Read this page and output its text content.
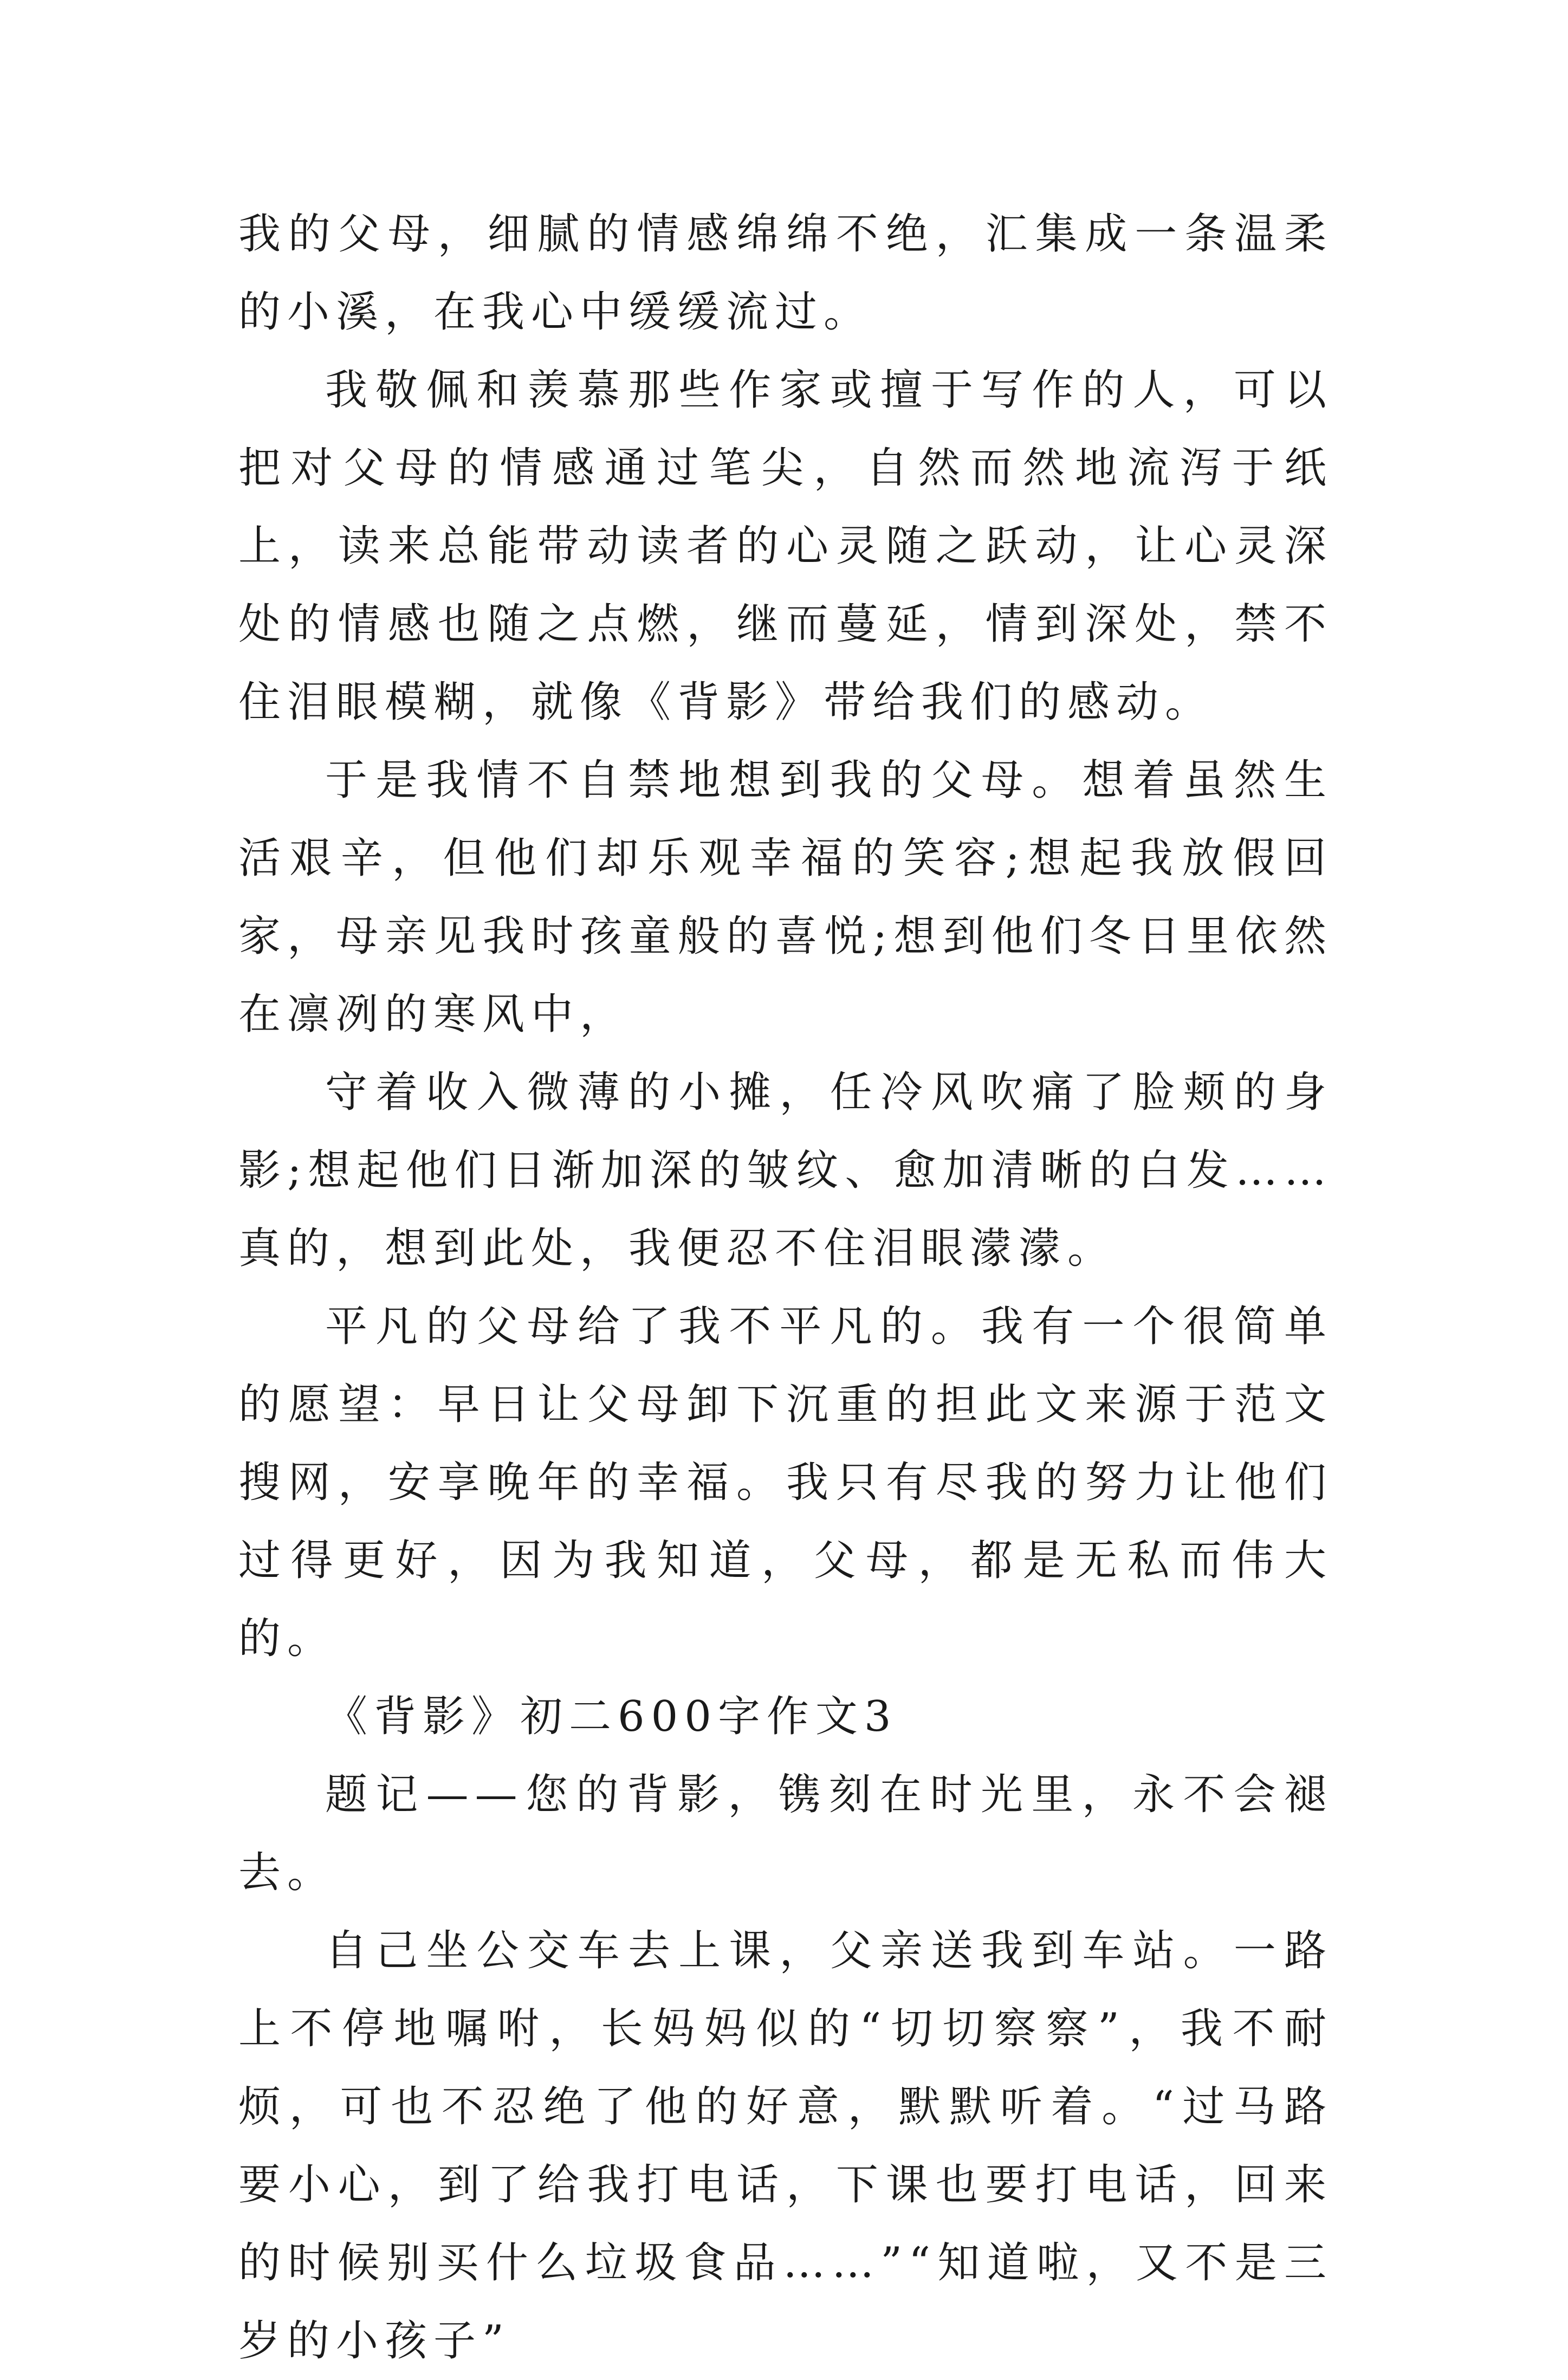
我的父母，细腻的情感绵绵不绝，汇集成一条温柔的小溪，在我心中缓缓流过。

我敬佩和羡慕那些作家或擅于写作的人，可以把对父母的情感通过笔尖，自然而然地流泻于纸上，读来总能带动读者的心灵随之跃动，让心灵深处的情感也随之点燃，继而蔓延，情到深处，禁不住泪眼模糊，就像《背影》带给我们的感动。

于是我情不自禁地想到我的父母。想着虽然生活艰辛，但他们却乐观幸福的笑容;想起我放假回家，母亲见我时孩童般的喜悦;想到他们冬日里依然在凛冽的寒风中，

守着收入微薄的小摊，任冷风吹痛了脸颊的身影;想起他们日渐加深的皱纹、愈加清晰的白发……真的，想到此处，我便忍不住泪眼濛濛。

平凡的父母给了我不平凡的。我有一个很简单的愿望：早日让父母卸下沉重的担此文来源于范文搜网，安享晚年的幸福。我只有尽我的努力让他们过得更好，因为我知道，父母，都是无私而伟大的。

《背影》初二600字作文3

题记——您的背影，镌刻在时光里，永不会褪去。

自己坐公交车去上课，父亲送我到车站。一路上不停地嘱咐，长妈妈似的“切切察察”，我不耐烦，可也不忍绝了他的好意，默默听着。“过马路要小心，到了给我打电话，下课也要打电话，回来的时候别买什么垃圾食品……”“知道啦，又不是三岁的小孩子”
